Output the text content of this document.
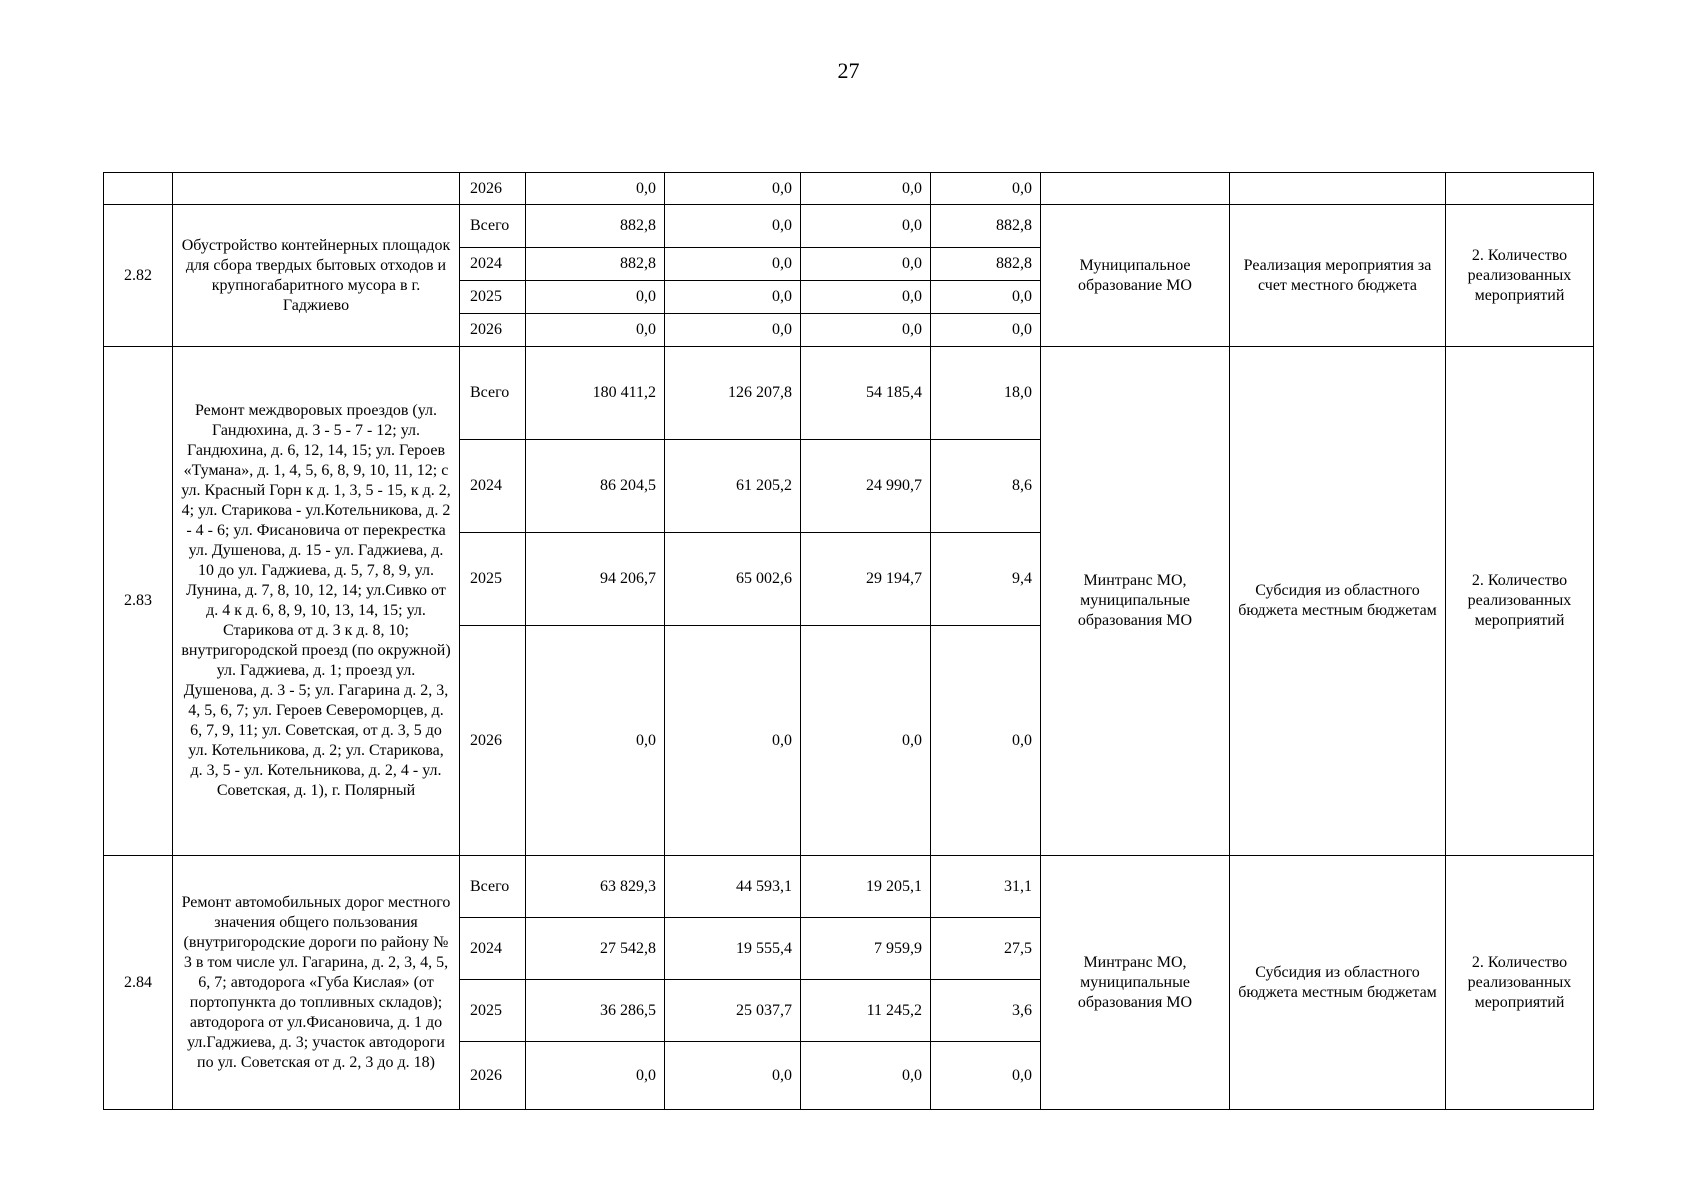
27
		2026	0,0	0,0	0,0	0,0			
2.82	Обустройство контейнерных площадок для сбора твердых бытовых отходов и крупногабаритного мусора в г. Гаджиево	Всего	882,8	0,0	0,0	882,8	Муниципальное образование МО	Реализация мероприятия за счет местного бюджета	2. Количество реализованных мероприятий
		2024	882,8	0,0	0,0	882,8			
		2025	0,0	0,0	0,0	0,0			
		2026	0,0	0,0	0,0	0,0			
2.83	Ремонт междворовых проездов (ул. Гандюхина, д. 3 - 5 - 7 - 12; ул. Гандюхина, д. 6, 12, 14, 15; ул. Героев «Тумана», д. 1, 4, 5, 6, 8, 9, 10, 11, 12; с ул. Красный Горн к д. 1, 3, 5 - 15, к д. 2, 4; ул. Старикова - ул.Котельникова, д. 2 - 4 - 6; ул. Фисановича от перекрестка ул. Душенова, д. 15 - ул. Гаджиева, д. 10 до ул. Гаджиева, д. 5, 7, 8, 9, ул. Лунина, д. 7, 8, 10, 12, 14; ул.Сивко от д. 4 к д. 6, 8, 9, 10, 13, 14, 15; ул. Старикова от д. 3 к д. 8, 10; внутригородской проезд (по окружной) ул. Гаджиева, д. 1; проезд ул. Душенова, д. 3 - 5; ул. Гагарина д. 2, 3, 4, 5, 6, 7; ул. Героев Североморцев, д. 6, 7, 9, 11; ул. Советская, от д. 3, 5 до ул. Котельникова, д. 2; ул. Старикова, д. 3, 5 - ул. Котельникова, д. 2, 4 - ул. Советская, д. 1), г. Полярный	Всего	180 411,2	126 207,8	54 185,4	18,0	Минтранс МО, муниципальные образования МО	Субсидия из областного бюджета местным бюджетам	2. Количество реализованных мероприятий
		2024	86 204,5	61 205,2	24 990,7	8,6			
		2025	94 206,7	65 002,6	29 194,7	9,4			
		2026	0,0	0,0	0,0	0,0			
2.84	Ремонт автомобильных дорог местного значения общего пользования (внутригородские дороги по району № 3 в том числе ул. Гагарина, д. 2, 3, 4, 5, 6, 7; автодорога «Губа Кислая» (от портопункта до топливных складов); автодорога от ул.Фисановича, д. 1 до ул.Гаджиева, д. 3; участок автодороги по ул. Советская от д. 2, 3 до д. 18)	Всего	63 829,3	44 593,1	19 205,1	31,1	Минтранс МО, муниципальные образования МО	Субсидия из областного бюджета местным бюджетам	2. Количество реализованных мероприятий
		2024	27 542,8	19 555,4	7 959,9	27,5			
		2025	36 286,5	25 037,7	11 245,2	3,6			
		2026	0,0	0,0	0,0	0,0			
